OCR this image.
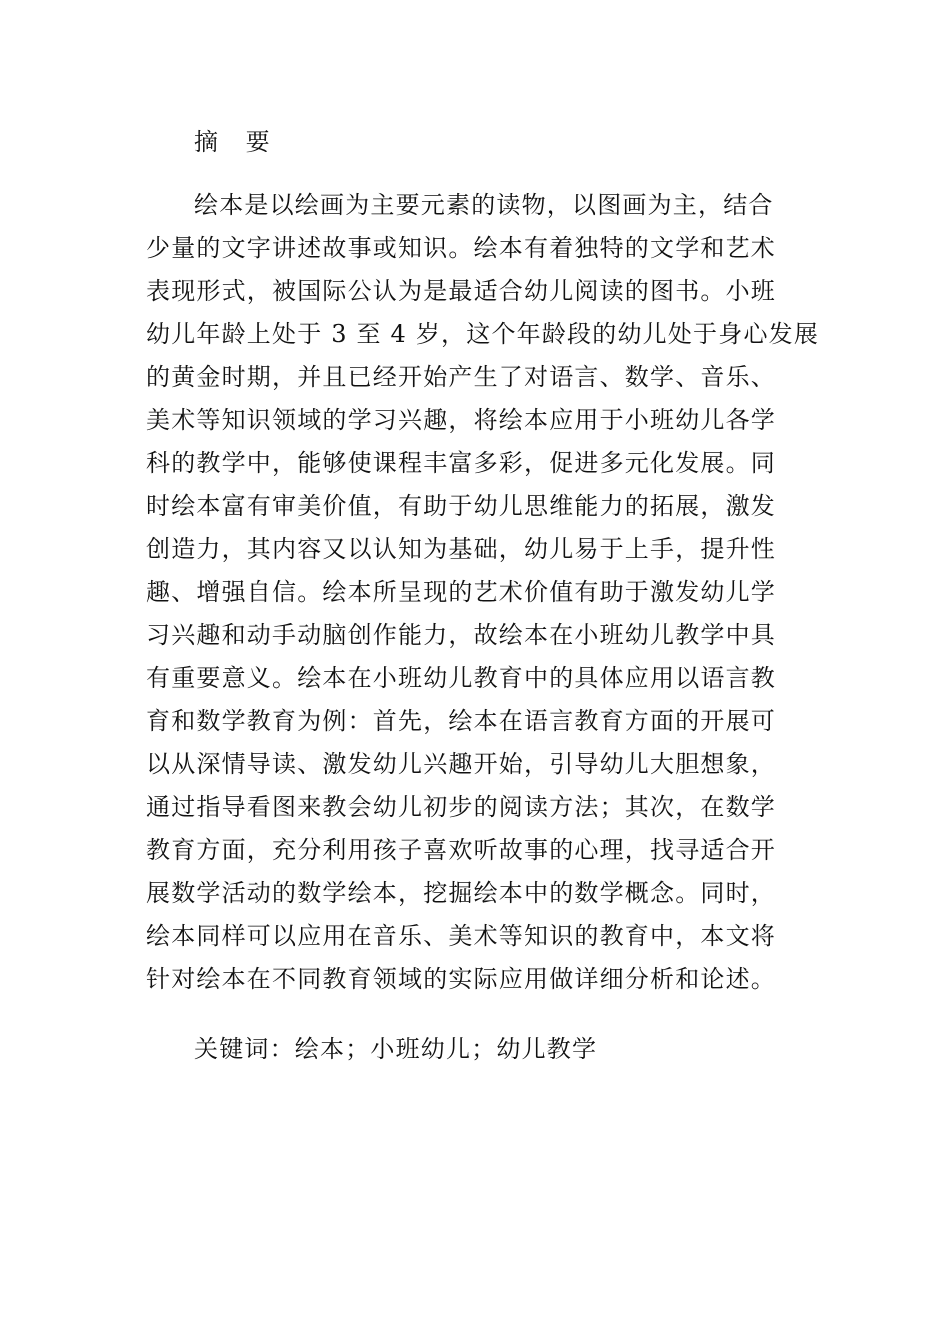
摘 要
绘本是以绘画为主要元素的读物，以图画为主，结合
少量的文字讲述故事或知识。绘本有着独特的文学和艺术
表现形式，被国际公认为是最适合幼儿阅读的图书。小班
幼儿年龄上处于 3 至 4 岁，这个年龄段的幼儿处于身心发展
的黄金时期，并且已经开始产生了对语言、数学、音乐、
美术等知识领域的学习兴趣，将绘本应用于小班幼儿各学
科的教学中，能够使课程丰富多彩，促进多元化发展。同
时绘本富有审美价值，有助于幼儿思维能力的拓展，激发
创造力，其内容又以认知为基础，幼儿易于上手，提升性
趣、增强自信。绘本所呈现的艺术价值有助于激发幼儿学
习兴趣和动手动脑创作能力，故绘本在小班幼儿教学中具
有重要意义。绘本在小班幼儿教育中的具体应用以语言教
育和数学教育为例：首先，绘本在语言教育方面的开展可
以从深情导读、激发幼儿兴趣开始，引导幼儿大胆想象，
通过指导看图来教会幼儿初步的阅读方法；其次，在数学
教育方面，充分利用孩子喜欢听故事的心理，找寻适合开
展数学活动的数学绘本，挖掘绘本中的数学概念。同时，
绘本同样可以应用在音乐、美术等知识的教育中，本文将
针对绘本在不同教育领域的实际应用做详细分析和论述。
关键词：绘本；小班幼儿；幼儿教学
